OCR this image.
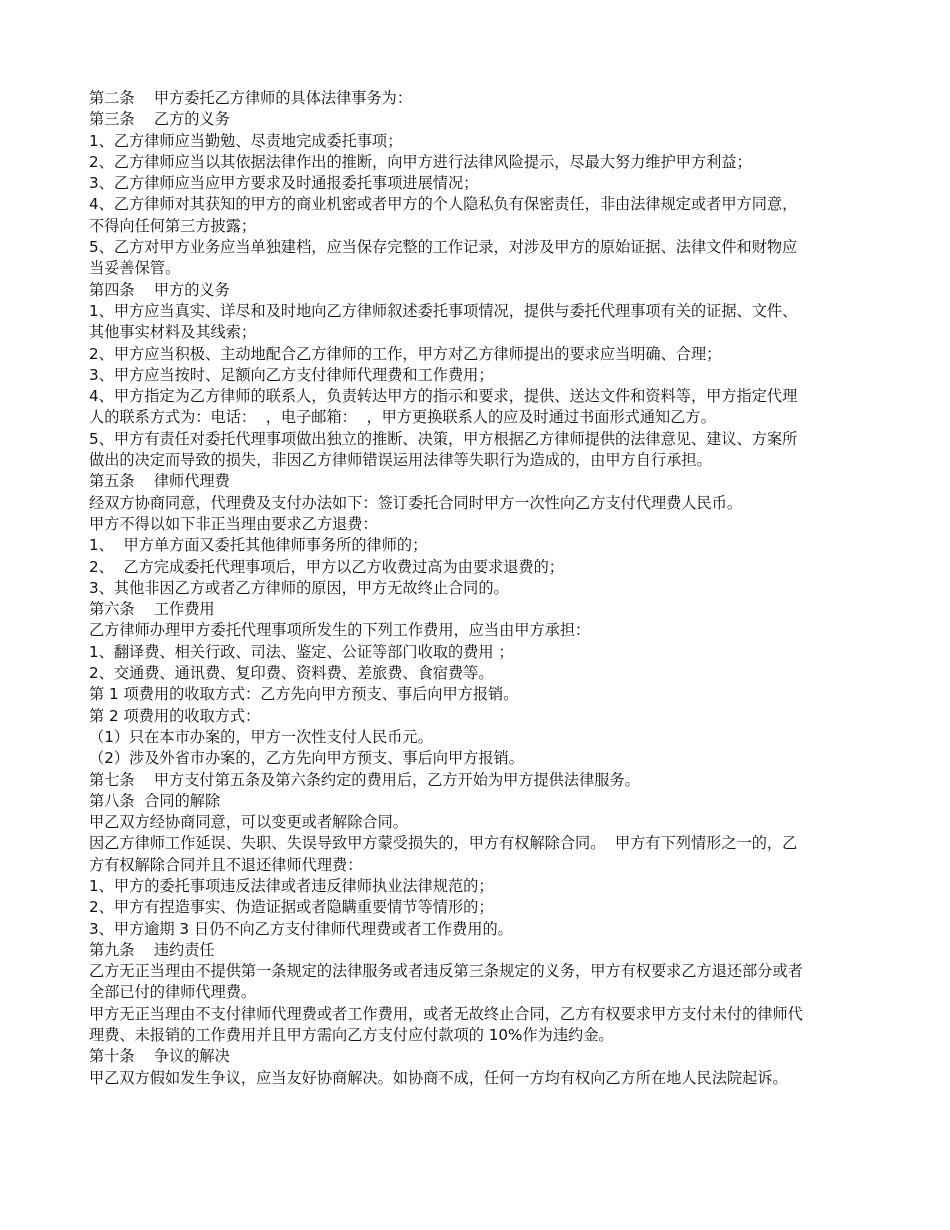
第二条    甲方委托乙方律师的具体法律事务为：
第三条    乙方的义务
1、乙方律师应当勤勉、尽责地完成委托事项；
2、乙方律师应当以其依据法律作出的推断，向甲方进行法律风险提示，尽最大努力维护甲方利益；
3、乙方律师应当应甲方要求及时通报委托事项进展情况；
4、乙方律师对其获知的甲方的商业机密或者甲方的个人隐私负有保密责任，非由法律规定或者甲方同意，
不得向任何第三方披露；
5、乙方对甲方业务应当单独建档，应当保存完整的工作记录，对涉及甲方的原始证据、法律文件和财物应
当妥善保管。
第四条    甲方的义务
1、甲方应当真实、详尽和及时地向乙方律师叙述委托事项情况，提供与委托代理事项有关的证据、文件、
其他事实材料及其线索；
2、甲方应当积极、主动地配合乙方律师的工作，甲方对乙方律师提出的要求应当明确、合理；
3、甲方应当按时、足额向乙方支付律师代理费和工作费用；
4、甲方指定为乙方律师的联系人，负责转达甲方的指示和要求，提供、送达文件和资料等，甲方指定代理
人的联系方式为：电话：  ，电子邮箱：  ，甲方更换联系人的应及时通过书面形式通知乙方。
5、甲方有责任对委托代理事项做出独立的推断、决策，甲方根据乙方律师提供的法律意见、建议、方案所
做出的决定而导致的损失，非因乙方律师错误运用法律等失职行为造成的，由甲方自行承担。
第五条    律师代理费
经双方协商同意，代理费及支付办法如下：签订委托合同时甲方一次性向乙方支付代理费人民币。
甲方不得以如下非正当理由要求乙方退费：
1、  甲方单方面又委托其他律师事务所的律师的；
2、  乙方完成委托代理事项后，甲方以乙方收费过高为由要求退费的；
3、其他非因乙方或者乙方律师的原因，甲方无故终止合同的。
第六条    工作费用
乙方律师办理甲方委托代理事项所发生的下列工作费用，应当由甲方承担：
1、翻译费、相关行政、司法、鉴定、公证等部门收取的费用 ；
2、交通费、通讯费、复印费、资料费、差旅费、食宿费等。
第 1 项费用的收取方式：乙方先向甲方预支、事后向甲方报销。
第 2 项费用的收取方式：
（1）只在本市办案的，甲方一次性支付人民币元。
（2）涉及外省市办案的，乙方先向甲方预支、事后向甲方报销。
第七条    甲方支付第五条及第六条约定的费用后，乙方开始为甲方提供法律服务。
第八条  合同的解除
甲乙双方经协商同意，可以变更或者解除合同。
因乙方律师工作延误、失职、失误导致甲方蒙受损失的，甲方有权解除合同。  甲方有下列情形之一的，乙
方有权解除合同并且不退还律师代理费：
1、甲方的委托事项违反法律或者违反律师执业法律规范的；
2、甲方有捏造事实、伪造证据或者隐瞒重要情节等情形的；
3、甲方逾期 3 日仍不向乙方支付律师代理费或者工作费用的。
第九条    违约责任
乙方无正当理由不提供第一条规定的法律服务或者违反第三条规定的义务，甲方有权要求乙方退还部分或者
全部已付的律师代理费。
甲方无正当理由不支付律师代理费或者工作费用，或者无故终止合同，乙方有权要求甲方支付未付的律师代
理费、未报销的工作费用并且甲方需向乙方支付应付款项的 10%作为违约金。
第十条    争议的解决
甲乙双方假如发生争议，应当友好协商解决。如协商不成，任何一方均有权向乙方所在地人民法院起诉。
